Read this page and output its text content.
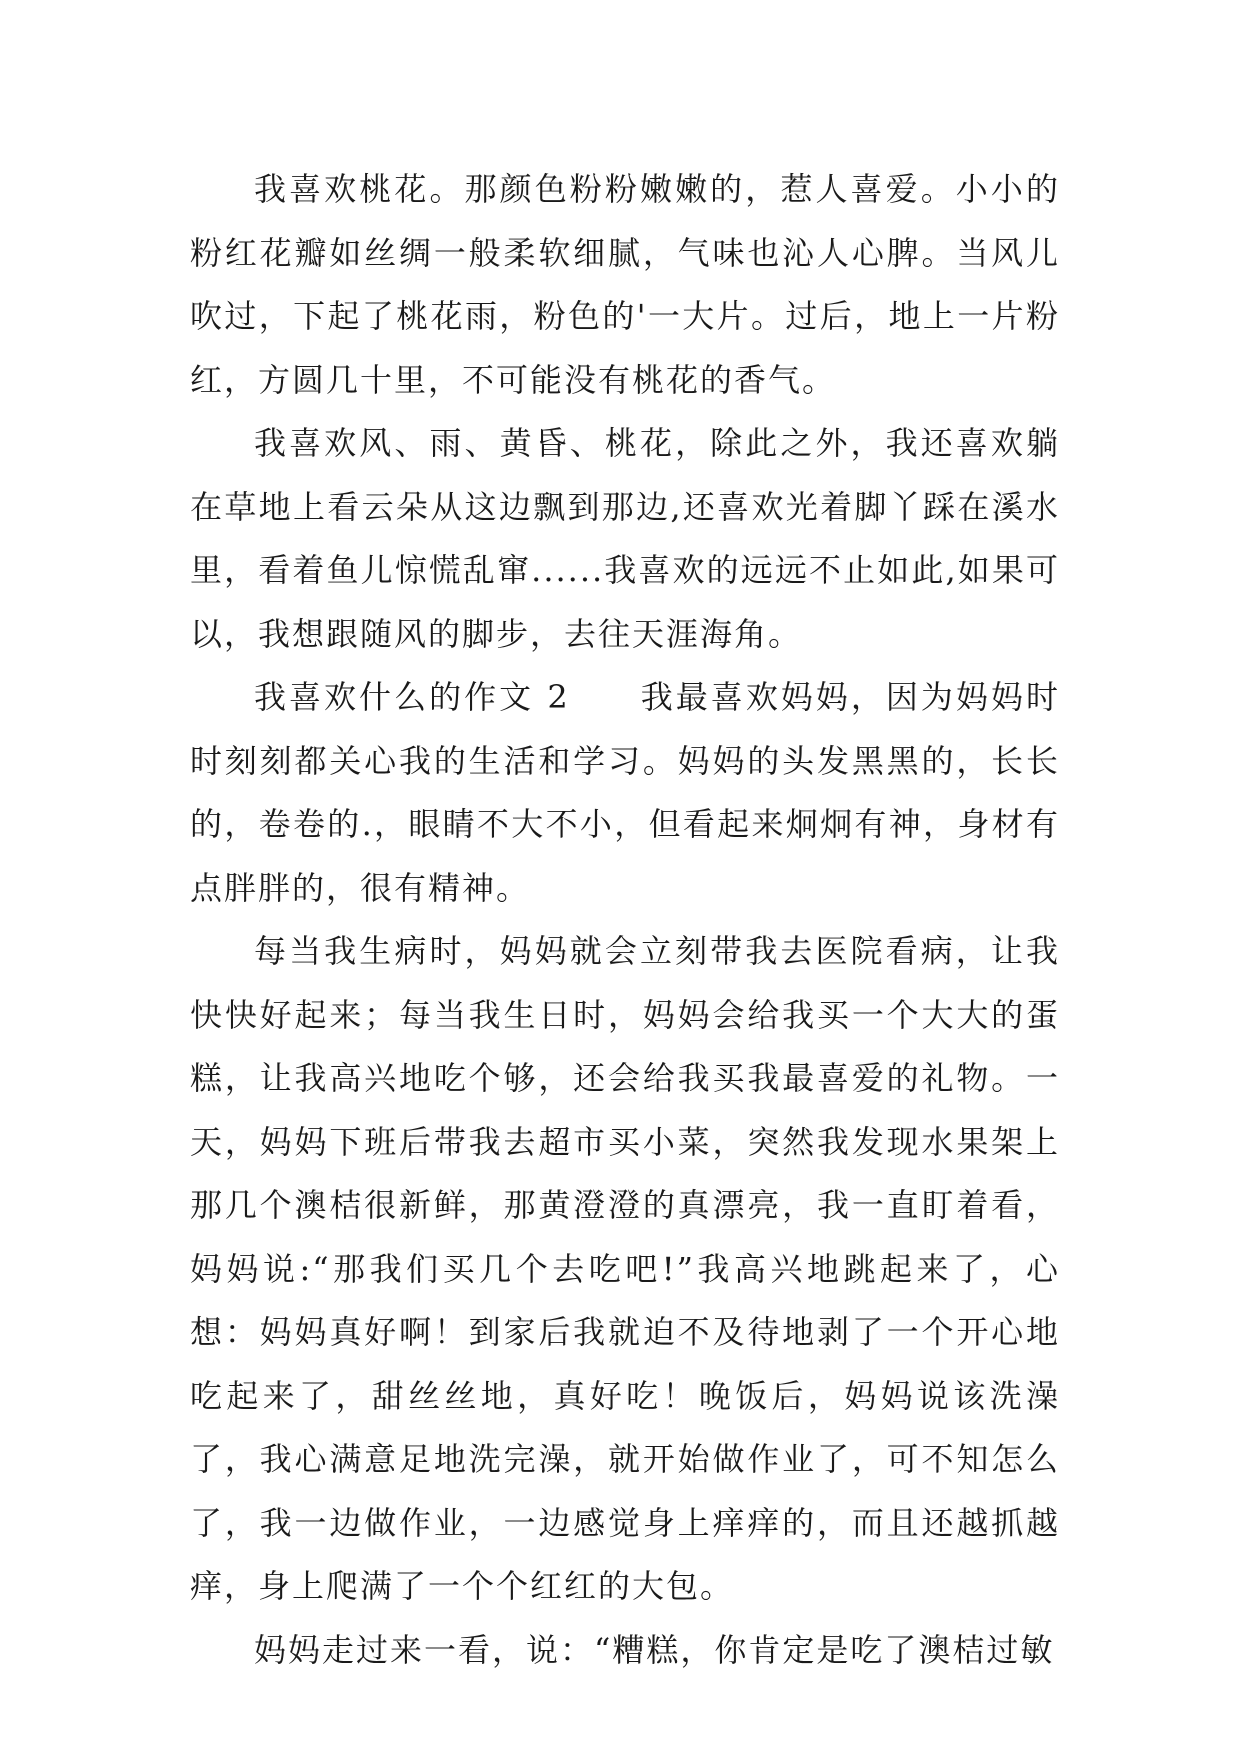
我喜欢桃花。那颜色粉粉嫩嫩的，惹人喜爱。小小的粉红花瓣如丝绸一般柔软细腻，气味也沁人心脾。当风儿吹过，下起了桃花雨，粉色的'一大片。过后，地上一片粉红，方圆几十里，不可能没有桃花的香气。

我喜欢风、雨、黄昏、桃花，除此之外，我还喜欢躺在草地上看云朵从这边飘到那边,还喜欢光着脚丫踩在溪水里，看着鱼儿惊慌乱窜......我喜欢的远远不止如此,如果可以，我想跟随风的脚步，去往天涯海角。

我喜欢什么的作文 2　　我最喜欢妈妈，因为妈妈时时刻刻都关心我的生活和学习。妈妈的头发黑黑的，长长的，卷卷的.，眼睛不大不小，但看起来炯炯有神，身材有点胖胖的，很有精神。

每当我生病时，妈妈就会立刻带我去医院看病，让我快快好起来；每当我生日时，妈妈会给我买一个大大的蛋糕，让我高兴地吃个够，还会给我买我最喜爱的礼物。一天，妈妈下班后带我去超市买小菜，突然我发现水果架上那几个澳桔很新鲜，那黄澄澄的真漂亮，我一直盯着看，妈妈说:“那我们买几个去吃吧!”我高兴地跳起来了，心想：妈妈真好啊！到家后我就迫不及待地剥了一个开心地吃起来了，甜丝丝地，真好吃！晚饭后，妈妈说该洗澡了，我心满意足地洗完澡，就开始做作业了，可不知怎么了，我一边做作业，一边感觉身上痒痒的，而且还越抓越痒，身上爬满了一个个红红的大包。

妈妈走过来一看，说：“糟糕，你肯定是吃了澳桔过敏
